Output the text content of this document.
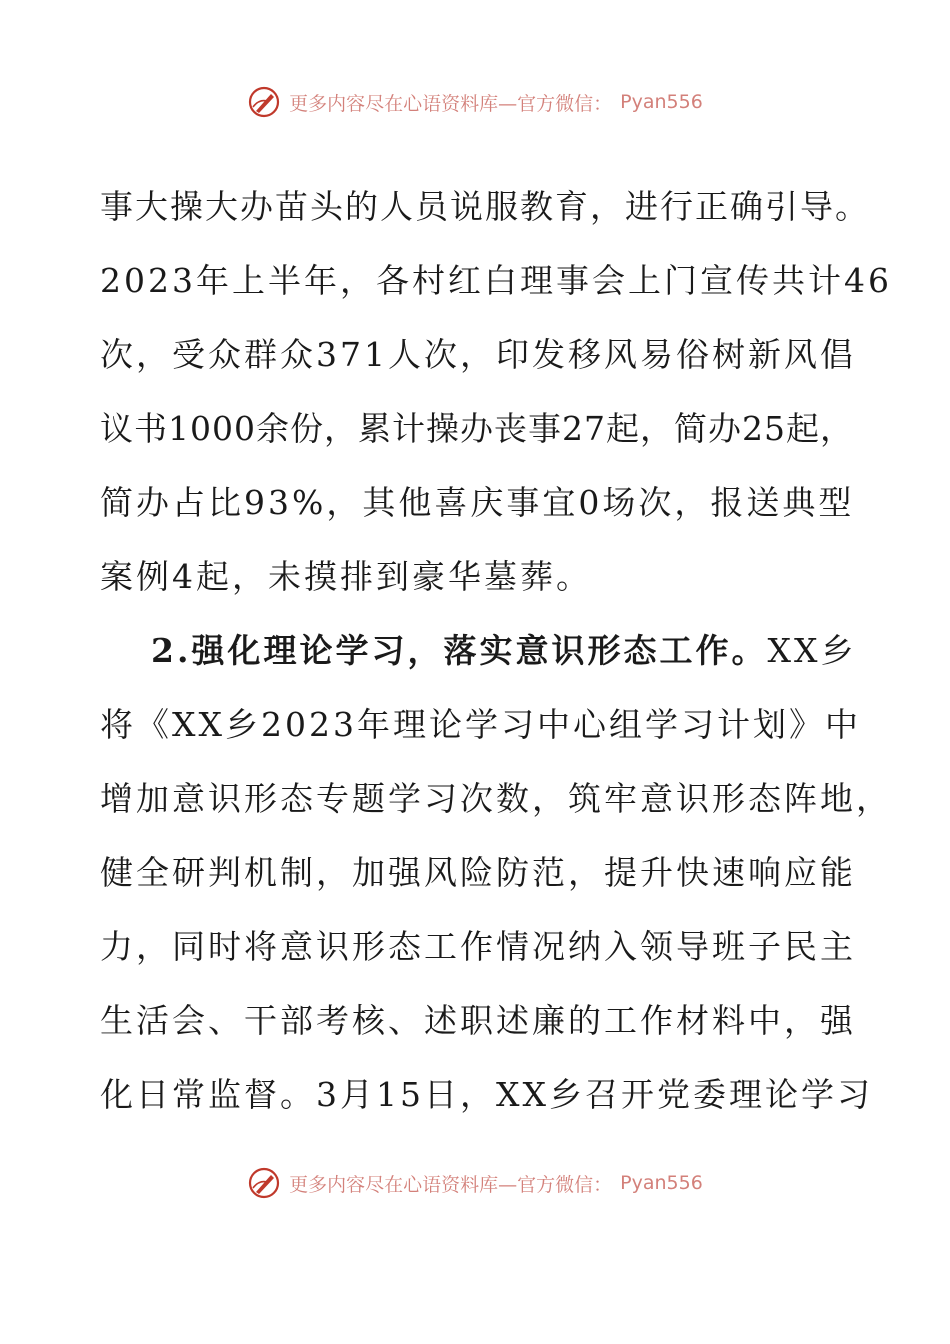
更多内容尽在心语资料库—官方微信： Pyan556
事大操大办苗头的人员说服教育，进行正确引导。
2023年上半年，各村红白理事会上门宣传共计46
次，受众群众371人次，印发移风易俗树新风倡
议书1000余份，累计操办丧事27起，简办25起，
简办占比93%，其他喜庆事宜0场次，报送典型
案例4起，未摸排到豪华墓葬。
2.强化理论学习，落实意识形态工作。XX乡
将《XX乡2023年理论学习中心组学习计划》中
增加意识形态专题学习次数，筑牢意识形态阵地，
健全研判机制，加强风险防范，提升快速响应能
力，同时将意识形态工作情况纳入领导班子民主
生活会、干部考核、述职述廉的工作材料中，强
化日常监督。3月15日，XX乡召开党委理论学习
更多内容尽在心语资料库—官方微信： Pyan556
